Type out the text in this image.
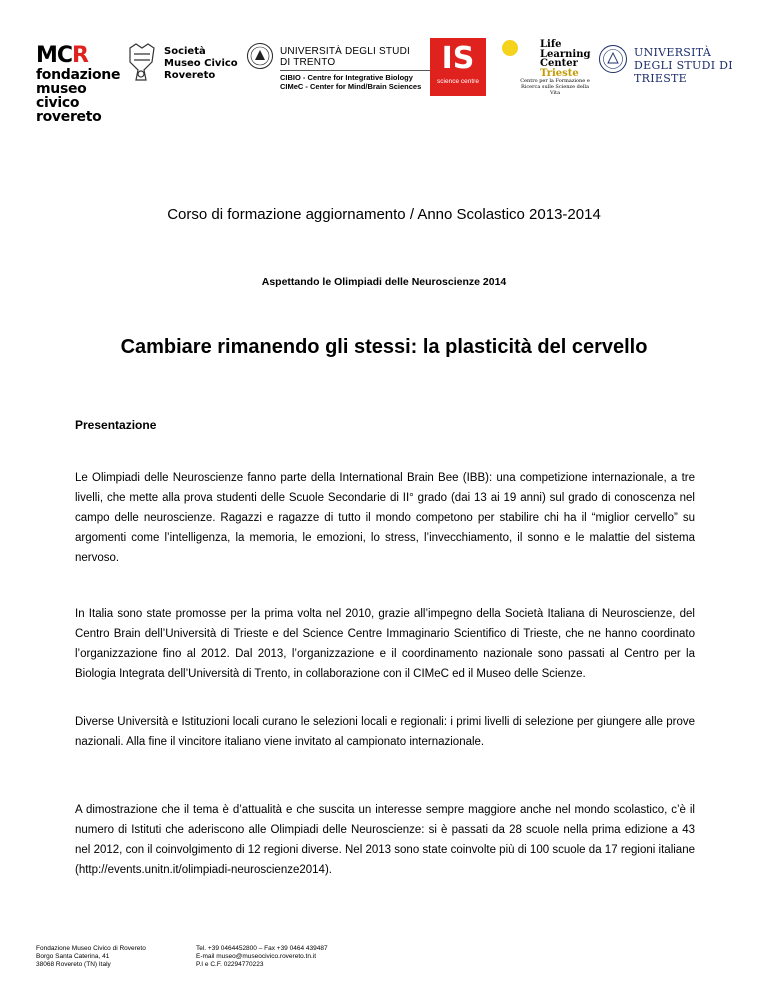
MCR
fondazione
museo civico
rovereto
Società
Museo Civico
Rovereto
UNIVERSITÀ DEGLI STUDI
DI TRENTO
CIBIO - Centre for Integrative Biology
CIMeC - Center for Mind/Brain Sciences
IS
science centre
Life
Learning
Center
Trieste
Centro per la Formazione e Ricerca sulle Scienze della Vita
UNIVERSITÀ
DEGLI STUDI DI TRIESTE
Corso di formazione aggiornamento / Anno Scolastico 2013-2014
Aspettando le Olimpiadi delle Neuroscienze 2014
Cambiare rimanendo gli stessi: la plasticità del cervello
Presentazione

Le Olimpiadi delle Neuroscienze fanno parte della International Brain Bee (IBB): una competizione internazionale, a tre livelli, che mette alla prova studenti delle Scuole Secondarie di II° grado (dai 13 ai 19 anni) sul grado di conoscenza nel campo delle neuroscienze. Ragazzi e ragazze di tutto il mondo competono per stabilire chi ha il “miglior cervello” su argomenti come l’intelligenza, la memoria, le emozioni, lo stress, l’invecchiamento, il sonno e le malattie del sistema nervoso.

In Italia sono state promosse per la prima volta nel 2010, grazie all’impegno della Società Italiana di Neuroscienze, del Centro Brain dell’Università di Trieste e del Science Centre Immaginario Scientifico di Trieste, che ne hanno coordinato l’organizzazione fino al 2012. Dal 2013, l’organizzazione e il coordinamento nazionale sono passati al Centro per la Biologia Integrata dell’Università di Trento, in collaborazione con il CIMeC ed il Museo delle Scienze.

Diverse Università e Istituzioni locali curano le selezioni locali e regionali: i primi livelli di selezione per giungere alle prove nazionali. Alla fine il vincitore italiano viene invitato al campionato internazionale.

A dimostrazione che il tema è d’attualità e che suscita un interesse sempre maggiore anche nel mondo scolastico, c’è il numero di Istituti che aderiscono alle Olimpiadi delle Neuroscienze: si è passati da 28 scuole nella prima edizione a 43 nel 2012, con il coinvolgimento di 12 regioni diverse. Nel 2013 sono state coinvolte più di 100 scuole da 17 regioni italiane (http://events.unitn.it/olimpiadi-neuroscienze2014).

Fondazione Museo Civico di Rovereto
Borgo Santa Caterina, 41
38068 Rovereto (TN) Italy
Tel. +39 0464452800 – Fax +39 0464 439487
E-mail museo@museocivico.rovereto.tn.it
P.I e C.F. 02294770223
